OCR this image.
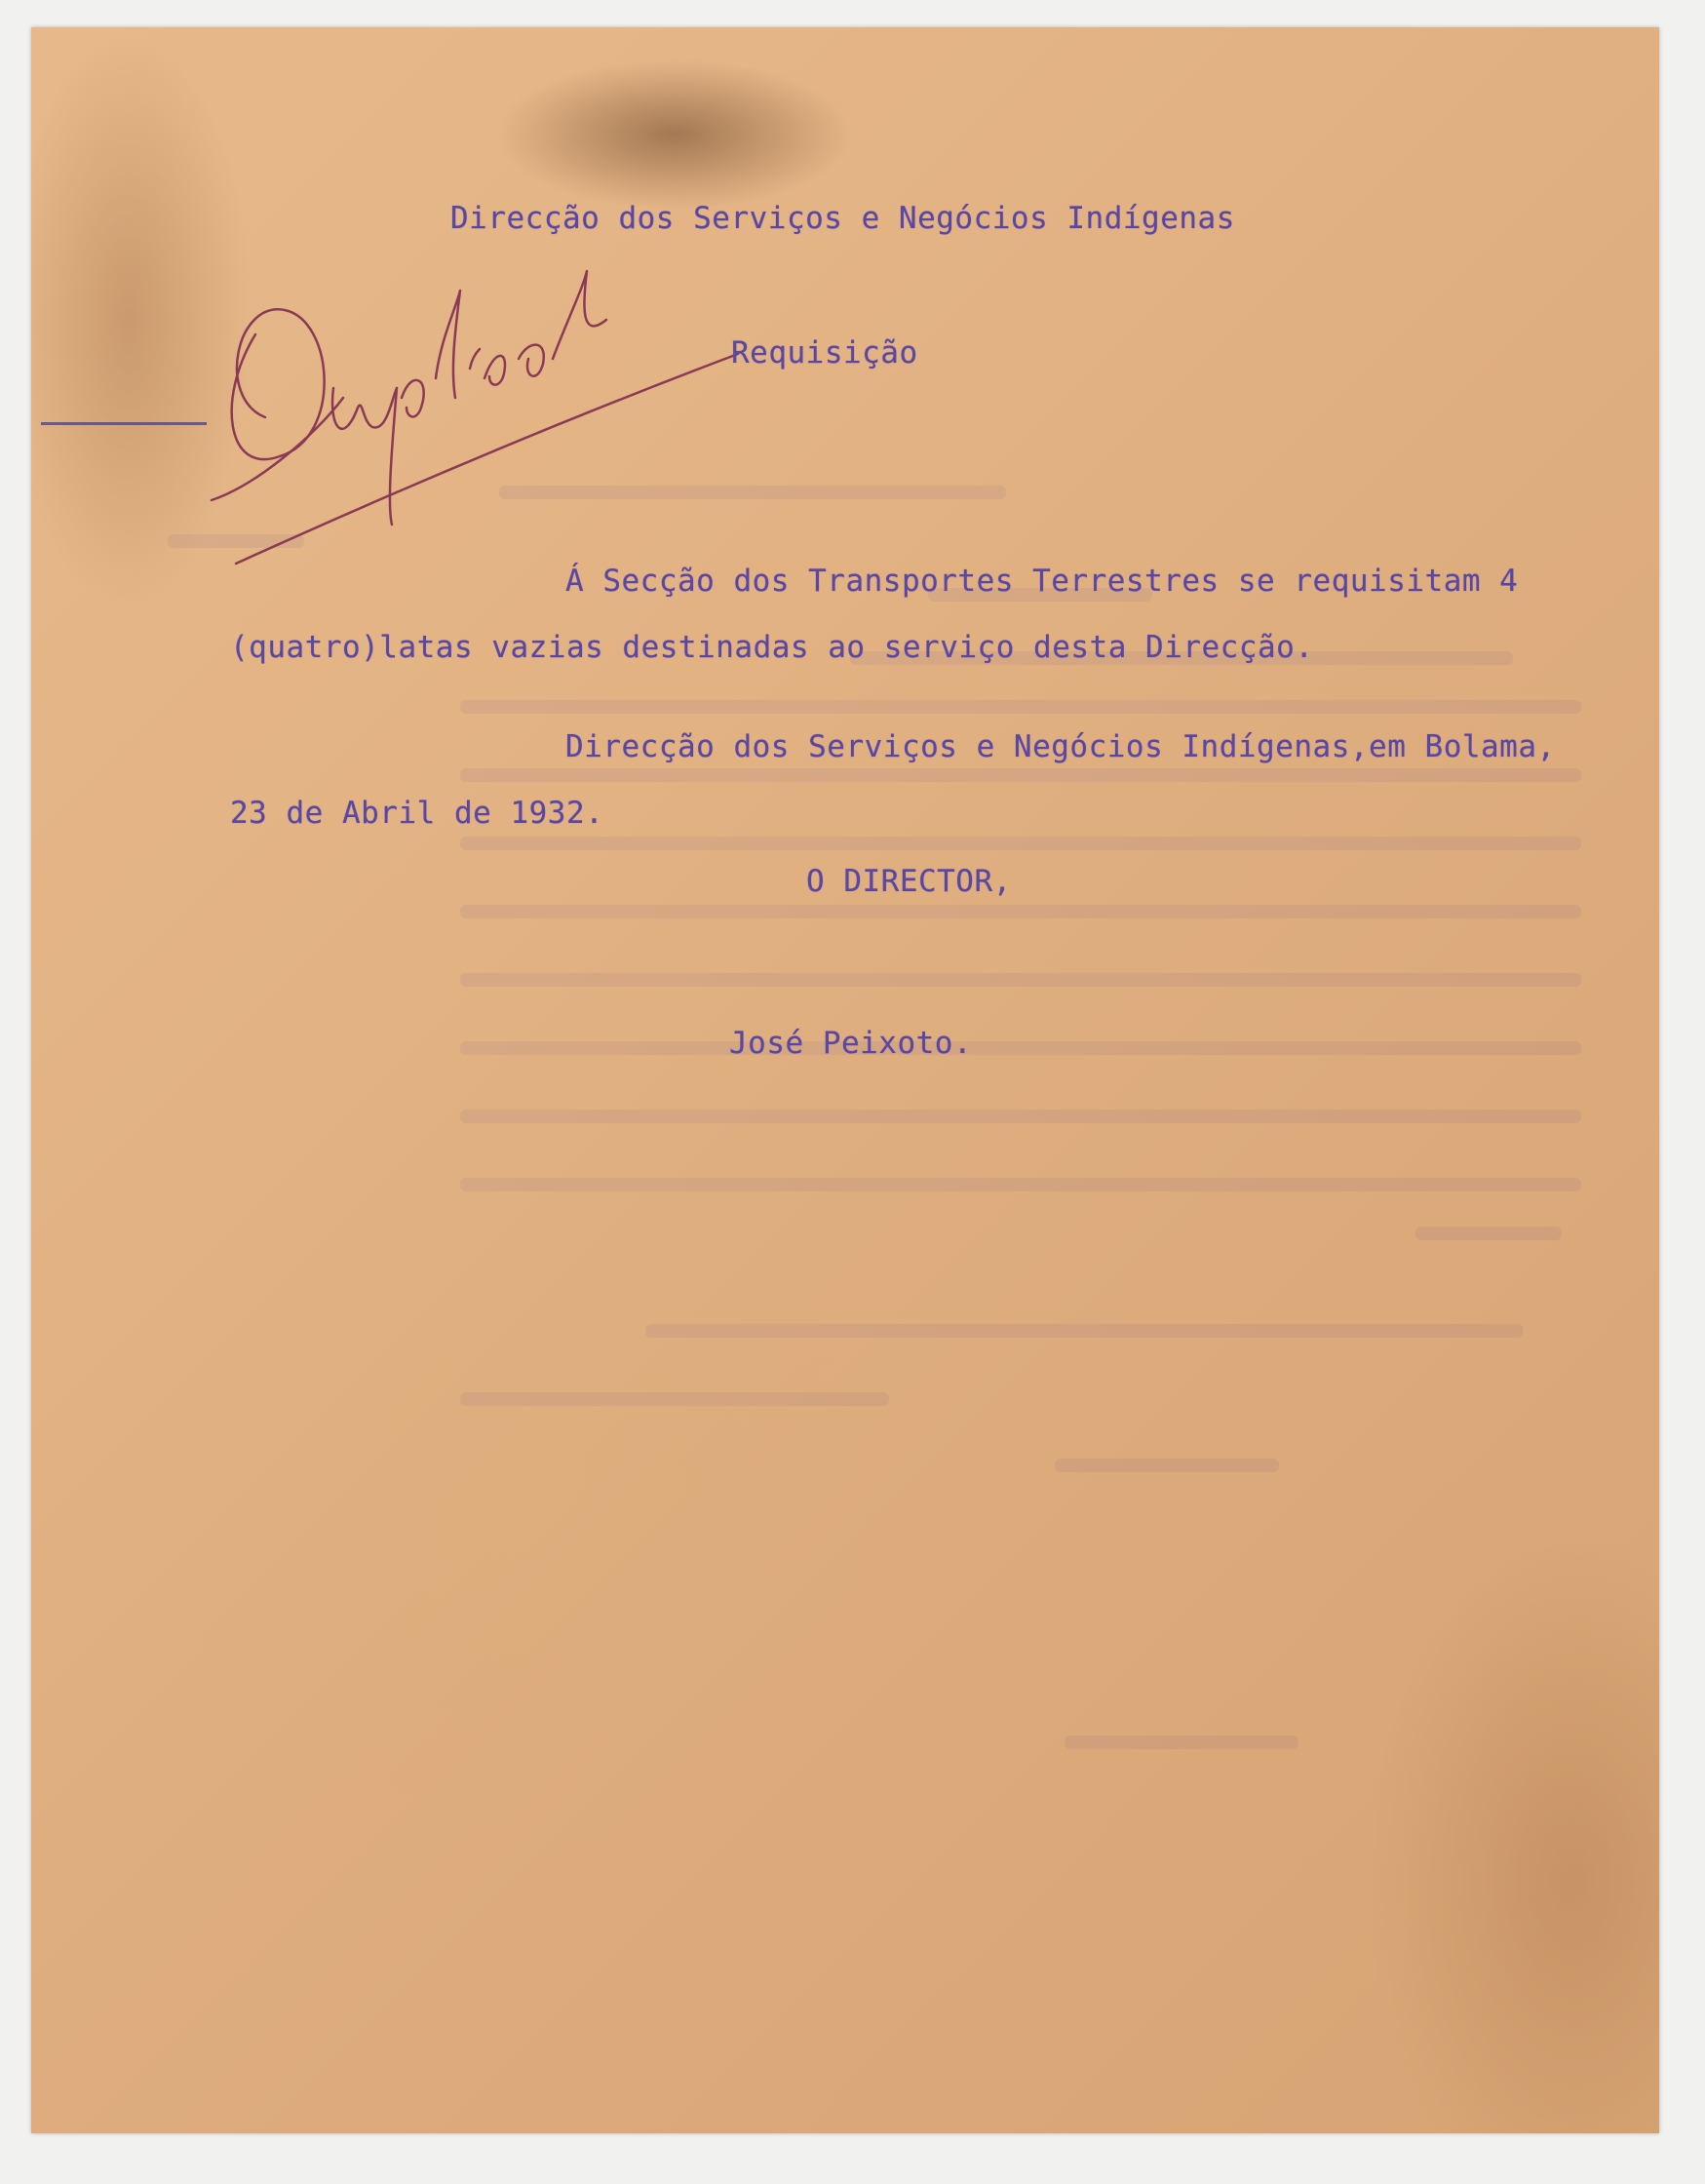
Direcção dos Serviços e Negócios Indígenas
Requisição
Á Secção dos Transportes Terrestres se requisitam 4
(quatro)latas vazias destinadas ao serviço desta Direcção.
Direcção dos Serviços e Negócios Indígenas,em Bolama,
23 de Abril de 1932.
O DIRECTOR,
José Peixoto.
